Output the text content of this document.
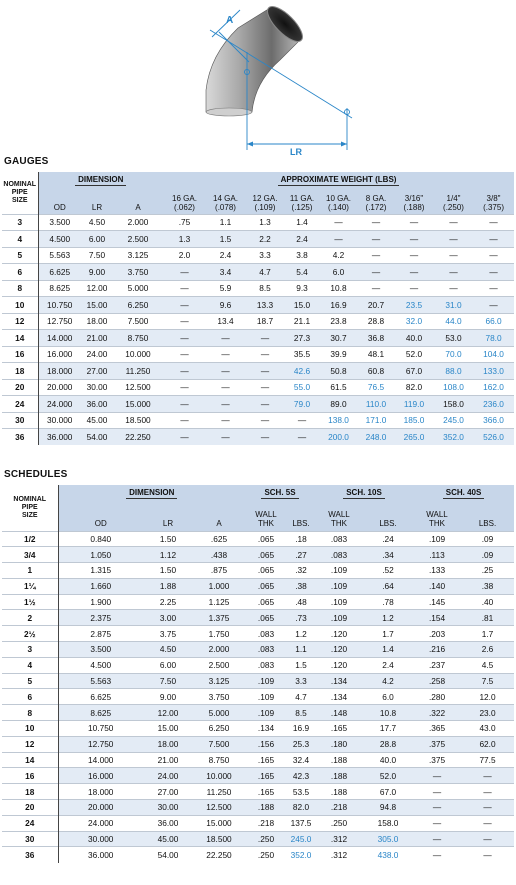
A
LR
GAUGES
NOMINAL
PIPE
SIZE	DIMENSION			APPROXIMATE WEIGHT (LBS)								
	OD	LR	A	16 GA.
(.062)	14 GA.
(.078)	12 GA.
(.109)	11 GA.
(.125)	10 GA.
(.140)	8 GA.
(.172)	3/16"
(.188)	1/4"
(.250)	3/8"
(.375)
3	3.500	4.50	2.000	.75	1.1	1.3	1.4	—	—	—	—	—
4	4.500	6.00	2.500	1.3	1.5	2.2	2.4	—	—	—	—	—
5	5.563	7.50	3.125	2.0	2.4	3.3	3.8	4.2	—	—	—	—
6	6.625	9.00	3.750	—	3.4	4.7	5.4	6.0	—	—	—	—
8	8.625	12.00	5.000	—	5.9	8.5	9.3	10.8	—	—	—	—
10	10.750	15.00	6.250	—	9.6	13.3	15.0	16.9	20.7	23.5	31.0	—
12	12.750	18.00	7.500	—	13.4	18.7	21.1	23.8	28.8	32.0	44.0	66.0
14	14.000	21.00	8.750	—	—	—	27.3	30.7	36.8	40.0	53.0	78.0
16	16.000	24.00	10.000	—	—	—	35.5	39.9	48.1	52.0	70.0	104.0
18	18.000	27.00	11.250	—	—	—	42.6	50.8	60.8	67.0	88.0	133.0
20	20.000	30.00	12.500	—	—	—	55.0	61.5	76.5	82.0	108.0	162.0
24	24.000	36.00	15.000	—	—	—	79.0	89.0	110.0	119.0	158.0	236.0
30	30.000	45.00	18.500	—	—	—	—	138.0	171.0	185.0	245.0	366.0
36	36.000	54.00	22.250	—	—	—	—	200.0	248.0	265.0	352.0	526.0
SCHEDULES
NOMINAL
PIPE
SIZE	DIMENSION			SCH. 5S		SCH. 10S		SCH. 40S	
	OD	LR	A	WALL
THK	LBS.	WALL
THK	LBS.	WALL
THK	LBS.
1/2	0.840	1.50	.625	.065	.18	.083	.24	.109	.09
3/4	1.050	1.12	.438	.065	.27	.083	.34	.113	.09
1	1.315	1.50	.875	.065	.32	.109	.52	.133	.25
1¼	1.660	1.88	1.000	.065	.38	.109	.64	.140	.38
1½	1.900	2.25	1.125	.065	.48	.109	.78	.145	.40
2	2.375	3.00	1.375	.065	.73	.109	1.2	.154	.81
2½	2.875	3.75	1.750	.083	1.2	.120	1.7	.203	1.7
3	3.500	4.50	2.000	.083	1.1	.120	1.4	.216	2.6
4	4.500	6.00	2.500	.083	1.5	.120	2.4	.237	4.5
5	5.563	7.50	3.125	.109	3.3	.134	4.2	.258	7.5
6	6.625	9.00	3.750	.109	4.7	.134	6.0	.280	12.0
8	8.625	12.00	5.000	.109	8.5	.148	10.8	.322	23.0
10	10.750	15.00	6.250	.134	16.9	.165	17.7	.365	43.0
12	12.750	18.00	7.500	.156	25.3	.180	28.8	.375	62.0
14	14.000	21.00	8.750	.165	32.4	.188	40.0	.375	77.5
16	16.000	24.00	10.000	.165	42.3	.188	52.0	—	—
18	18.000	27.00	11.250	.165	53.5	.188	67.0	—	—
20	20.000	30.00	12.500	.188	82.0	.218	94.8	—	—
24	24.000	36.00	15.000	.218	137.5	.250	158.0	—	—
30	30.000	45.00	18.500	.250	245.0	.312	305.0	—	—
36	36.000	54.00	22.250	.250	352.0	.312	438.0	—	—
